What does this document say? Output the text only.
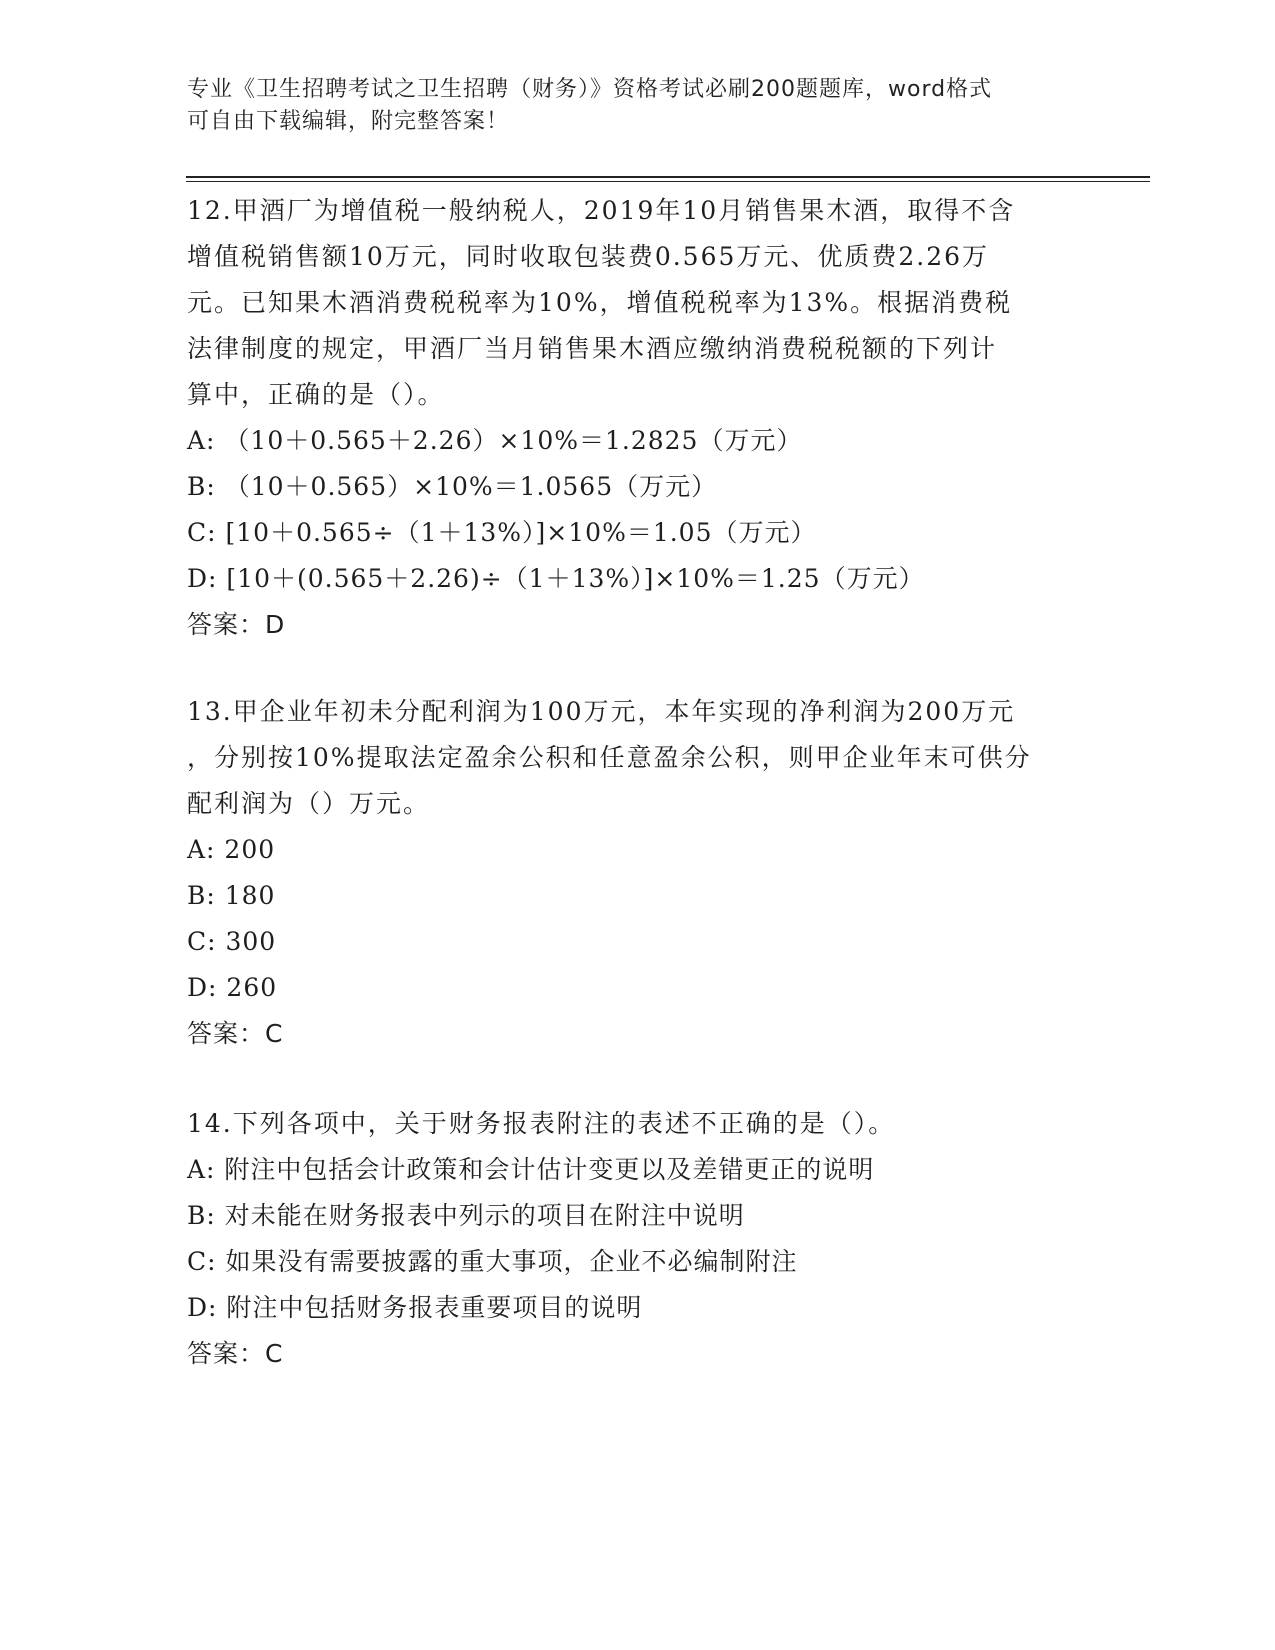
专业《卫生招聘考试之卫生招聘（财务）》资格考试必刷200题题库，word格式
可自由下载编辑，附完整答案！
12.甲酒厂为增值税一般纳税人，2019年10月销售果木酒，取得不含
增值税销售额10万元，同时收取包装费0.565万元、优质费2.26万
元。已知果木酒消费税税率为10%，增值税税率为13%。根据消费税
法律制度的规定，甲酒厂当月销售果木酒应缴纳消费税税额的下列计
算中，正确的是（）。
A: （10＋0.565＋2.26）×10%＝1.2825（万元）
B: （10＋0.565）×10%＝1.0565（万元）
C: [10＋0.565÷（1＋13%）]×10%＝1.05（万元）
D: [10＋(0.565＋2.26)÷（1＋13%）]×10%＝1.25（万元）
答案：D
13.甲企业年初未分配利润为100万元，本年实现的净利润为200万元
，分别按10%提取法定盈余公积和任意盈余公积，则甲企业年末可供分
配利润为（）万元。
A: 200
B: 180
C: 300
D: 260
答案：C
14.下列各项中，关于财务报表附注的表述不正确的是（）。
A: 附注中包括会计政策和会计估计变更以及差错更正的说明
B: 对未能在财务报表中列示的项目在附注中说明
C: 如果没有需要披露的重大事项，企业不必编制附注
D: 附注中包括财务报表重要项目的说明
答案：C
